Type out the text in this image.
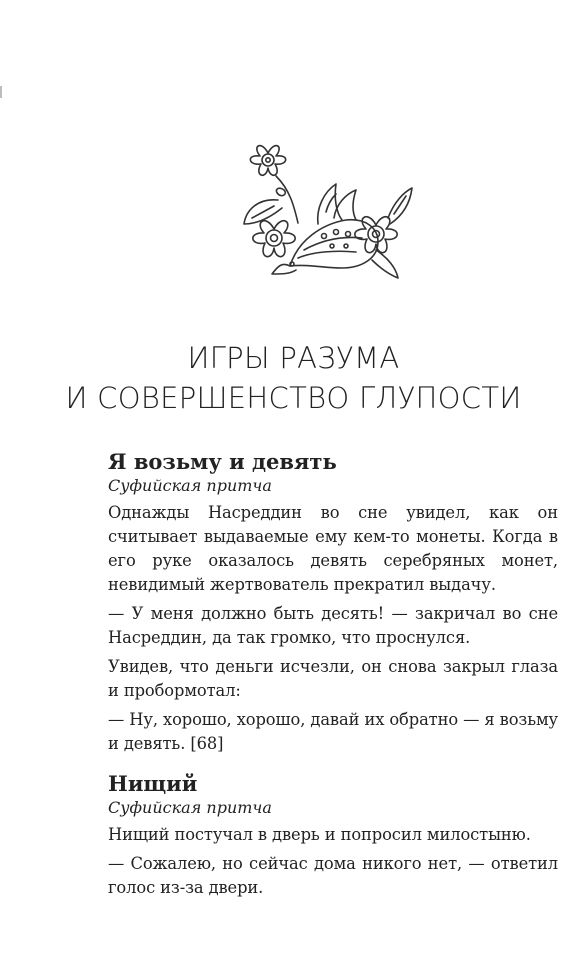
ИГРЫ РАЗУМА
И СОВЕРШЕНСТВО ГЛУПОСТИ
Я возьму и девять

Суфийская притча

Однажды Насреддин во сне увидел, как он считывает выдаваемые ему кем-то монеты. Когда в его руке оказалось девять серебряных монет, невидимый жертвователь прекратил выдачу.

— У меня должно быть десять! — закричал во сне Насреддин, да так громко, что проснулся.

Увидев, что деньги исчезли, он снова закрыл глаза и пробормотал:

— Ну, хорошо, хорошо, давай их обратно — я возьму и девять. [68]

Нищий

Суфийская притча

Нищий постучал в дверь и попросил милостыню.

— Сожалею, но сейчас дома никого нет, — ответил голос из-за двери.
